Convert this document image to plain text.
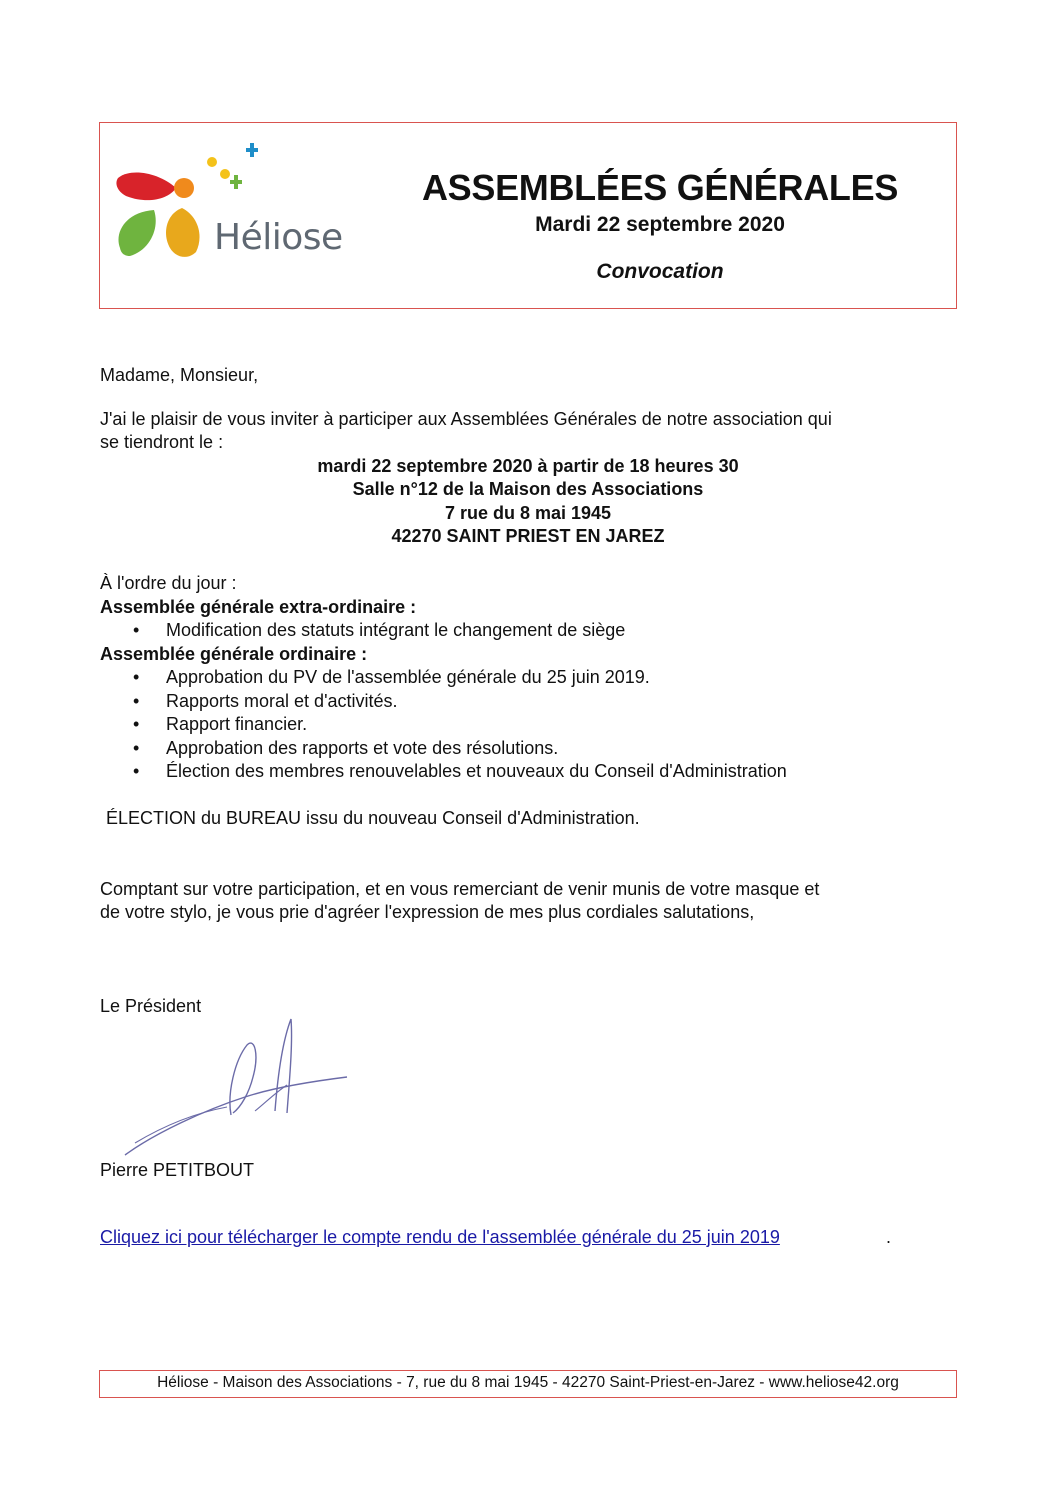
Héliose
ASSEMBLÉES GÉNÉRALES
Mardi 22 septembre 2020
Convocation
Madame, Monsieur,
J'ai le plaisir de vous inviter à participer aux Assemblées Générales de notre association qui
se tiendront le :
mardi 22 septembre 2020 à partir de 18 heures 30
Salle n°12 de la Maison des Associations
7 rue du 8 mai 1945
42270 SAINT PRIEST EN JAREZ
À l'ordre du jour :
Assemblée générale extra-ordinaire :
• Modification des statuts intégrant le changement de siège
Assemblée générale ordinaire :
• Approbation du PV de l'assemblée générale du 25 juin 2019.
• Rapports moral et d'activités.
• Rapport financier.
• Approbation des rapports et vote des résolutions.
• Élection des membres renouvelables et nouveaux du Conseil d'Administration
ÉLECTION du BUREAU issu du nouveau Conseil d'Administration.
Comptant sur votre participation, et en vous remerciant de venir munis de votre masque et
de votre stylo, je vous prie d'agréer l'expression de mes plus cordiales salutations,
Le Président
Pierre PETITBOUT
Cliquez ici pour télécharger le compte rendu de l'assemblée générale du 25 juin 2019	.
Héliose - Maison des Associations - 7, rue du 8 mai 1945 - 42270 Saint-Priest-en-Jarez - www.heliose42.org
